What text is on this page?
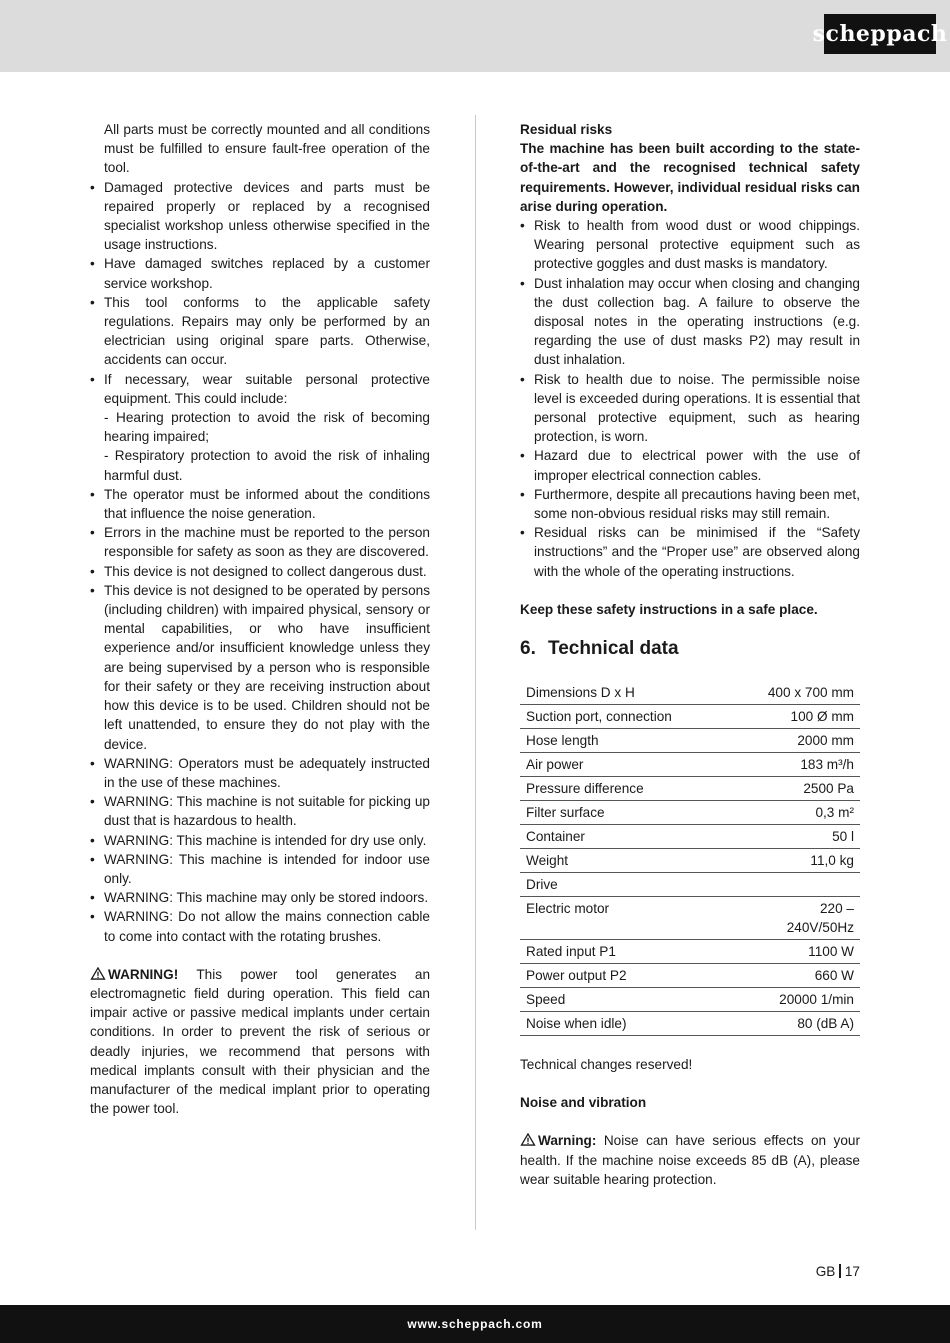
scheppach
All parts must be correctly mounted and all conditions must be fulfilled to ensure fault-free operation of the tool.
• Damaged protective devices and parts must be repaired properly or replaced by a recognised specialist workshop unless otherwise specified in the usage instructions.
• Have damaged switches replaced by a customer service workshop.
• This tool conforms to the applicable safety regulations. Repairs may only be performed by an electrician using original spare parts. Otherwise, accidents can occur.
• If necessary, wear suitable personal protective equipment. This could include:
- Hearing protection to avoid the risk of becoming hearing impaired;
- Respiratory protection to avoid the risk of inhaling harmful dust.
• The operator must be informed about the conditions that influence the noise generation.
• Errors in the machine must be reported to the person responsible for safety as soon as they are discovered.
• This device is not designed to collect dangerous dust.
• This device is not designed to be operated by persons (including children) with impaired physical, sensory or mental capabilities, or who have insufficient experience and/or insufficient knowledge unless they are being supervised by a person who is responsible for their safety or they are receiving instruction about how this device is to be used. Children should not be left unattended, to ensure they do not play with the device.
• WARNING: Operators must be adequately instructed in the use of these machines.
• WARNING: This machine is not suitable for picking up dust that is hazardous to health.
• WARNING: This machine is intended for dry use only.
• WARNING: This machine is intended for indoor use only.
• WARNING: This machine may only be stored indoors.
• WARNING: Do not allow the mains connection cable to come into contact with the rotating brushes.

WARNING! This power tool generates an electromagnetic field during operation. This field can impair active or passive medical implants under certain conditions. In order to prevent the risk of serious or deadly injuries, we recommend that persons with medical implants consult with their physician and the manufacturer of the medical implant prior to operating the power tool.

Residual risks

The machine has been built according to the state-of-the-art and the recognised technical safety requirements. However, individual residual risks can arise during operation.

• Risk to health from wood dust or wood chippings. Wearing personal protective equipment such as protective goggles and dust masks is mandatory.
• Dust inhalation may occur when closing and changing the dust collection bag. A failure to observe the disposal notes in the operating instructions (e.g. regarding the use of dust masks P2) may result in dust inhalation.
• Risk to health due to noise. The permissible noise level is exceeded during operations. It is essential that personal protective equipment, such as hearing protection, is worn.
• Hazard due to electrical power with the use of improper electrical connection cables.
• Furthermore, despite all precautions having been met, some non-obvious residual risks may still remain.
• Residual risks can be minimised if the “Safety instructions” and the “Proper use” are observed along with the whole of the operating instructions.

Keep these safety instructions in a safe place.

6. Technical data
Dimensions D x H	400 x 700 mm
Suction port, connection	100 Ø mm
Hose length	2000 mm
Air power	183 m³/h
Pressure difference	2500 Pa
Filter surface	0,3 m²
Container	50 l
Weight	11,0 kg
Drive	
Electric motor	220 –
240V/50Hz
Rated input P1	1100 W
Power output P2	660 W
Speed	20000 1/min
Noise when idle)	80 (dB A)

Technical changes reserved!

Noise and vibration

Warning: Noise can have serious effects on your health. If the machine noise exceeds 85 dB (A), please wear suitable hearing protection.

GB 17
www.scheppach.com
